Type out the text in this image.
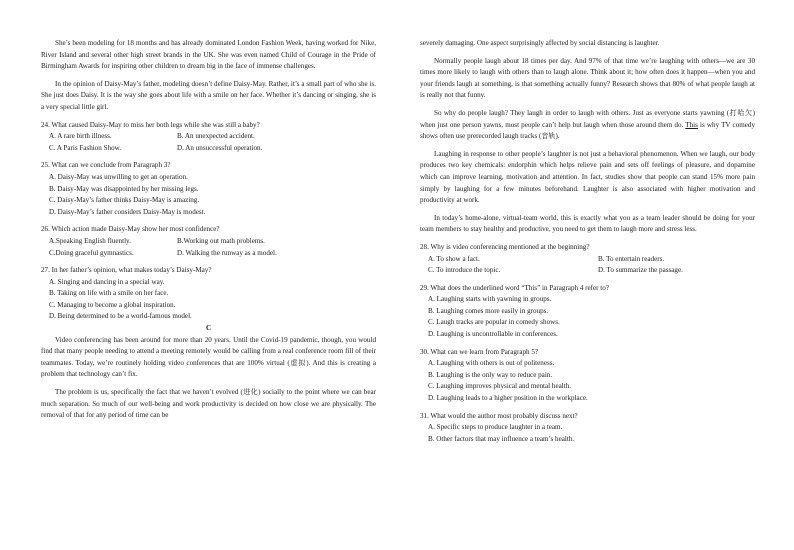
She’s been modeling for 18 months and has already dominated London Fashion Week, having worked for Nike, River Island and several other high street brands in the UK. She was even named Child of Courage in the Pride of Birmingham Awards for inspiring other children to dream big in the face of immense challenges.

In the opinion of Daisy-May’s father, modeling doesn’t define Daisy-May. Rather, it’s a small part of who she is. She just does Daisy. It is the way she goes about life with a smile on her face. Whether it’s dancing or singing, she is a very special little girl.

24. What caused Daisy-May to miss her both legs while she was still a baby?

A. A rare birth illness.	B. An unexpected accident.

C. A Paris Fashion Show.	D. An unsuccessful operation.

25. What can we conclude from Paragraph 3?

A. Daisy-May was unwilling to get an operation.

B. Daisy-May was disappointed by her missing legs.

C. Daisy-May’s father thinks Daisy-May is amazing.

D. Daisy-May’s father considers Daisy-May is modest.

26. Which action made Daisy-May show her most confidence?

A.Speaking English fluently.	B.Working out math problems.

C.Doing graceful gymnastics.	D. Walking the runway as a model.

27. In her father’s opinion, what makes today’s Daisy-May?

A. Singing and dancing in a special way.

B. Taking on life with a smile on her face.

C. Managing to become a global inspiration.

D. Being determined to be a world-famous model.

C

Video conferencing has been around for more than 20 years. Until the Covid-19 pandemic, though, you would find that many people needing to attend a meeting remotely would be calling from a real conference room fill of their teammates. Today, we’re routinely holding video conferences that are 100% virtual (虚拟). And this is creating a problem that technology can’t fix.

The problem is us, specifically the fact that we haven’t evolved (进化) socially to the point where we can bear much separation. So much of our well-being and work productivity is decided on how close we are physically. The removal of that for any period of time can be

severely damaging. One aspect surprisingly affected by social distancing is laughter.

Normally people laugh about 18 times per day. And 97% of that time we’re laughing with others—we are 30 times more likely to laugh with others than to laugh alone. Think about it; how often does it happen—when you and your friends laugh at something, is that something actually funny? Research shows that 80% of what people laugh at is really not that funny.

So why do people laugh? They laugh in order to laugh with others. Just as everyone starts yawning (打哈欠) when just one person yawns, most people can’t help but laugh when those around them do. This is why TV comedy shows often use prerecorded laugh tracks (音轨).

Laughing in response to other people’s laughter is not just a behavioral phenomenon. When we laugh, our body produces two key chemicals: endorphin which helps relieve pain and sets off feelings of pleasure, and dopamine which can improve learning, motivation and attention. In fact, studies show that people can stand 15% more pain simply by laughing for a few minutes beforehand. Laughter is also associated with higher motivation and productivity at work.

In today’s home-alone, virtual-team world, this is exactly what you as a team leader should be doing for your team members to stay healthy and productive, you need to get them to laugh more and stress less.

28. Why is video conferencing mentioned at the beginning?

A. To show a fact.	B. To entertain readers.

C. To introduce the topic.	D. To summarize the passage.

29. What does the underlined word “This” in Paragraph 4 refer to?

A. Laughing starts with yawning in groups.

B. Laughing comes more easily in groups.

C. Laugh tracks are popular in comedy shows.

D. Laughing is uncontrollable in conferences.

30. What can we learn from Paragraph 5?

A. Laughing with others is out of politeness.

B. Laughing is the only way to reduce pain.

C. Laughing improves physical and mental health.

D. Laughing leads to a higher position in the workplace.

31. What would the author most probably discuss next?

A. Specific steps to produce laughter in a team.

B. Other factors that may influence a team’s health.
